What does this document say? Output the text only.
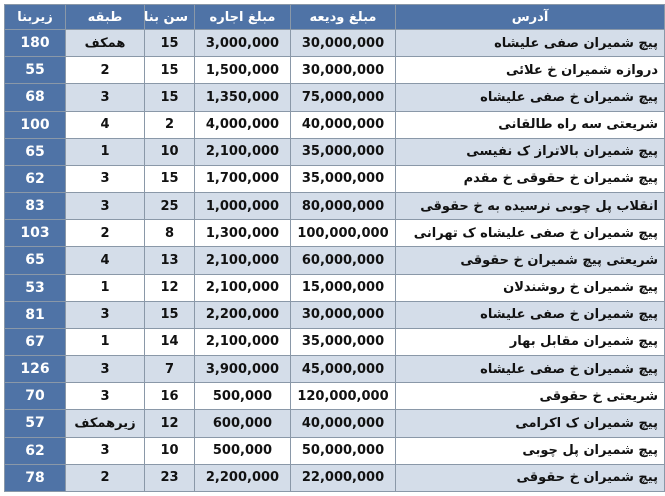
آدرس	مبلغ ودیعه	مبلغ اجاره	سن بنا	طبقه	زیربنا
پیچ شمیران صفی علیشاه	30,000,000	3,000,000	15	همکف	180
دروازه شمیران خ علائی	30,000,000	1,500,000	15	2	55
پیچ شمیران خ صفی علیشاه	75,000,000	1,350,000	15	3	68
شریعتی سه راه طالقانی	40,000,000	4,000,000	2	4	100
پیچ شمیران بالاتراز ک نفیسی	35,000,000	2,100,000	10	1	65
پیچ شمیران خ حقوقی خ مقدم	35,000,000	1,700,000	15	3	62
انقلاب پل چوبی نرسیده به خ حقوقی	80,000,000	1,000,000	25	3	83
پیچ شمیران خ صفی علیشاه ک تهرانی	100,000,000	1,300,000	8	2	103
شریعتی پیچ شمیران خ حقوقی	60,000,000	2,100,000	13	4	65
پیچ شمیران خ روشندلان	15,000,000	2,100,000	12	1	53
پیچ شمیران خ صفی علیشاه	30,000,000	2,200,000	15	3	81
پیچ شمیران مقابل بهار	35,000,000	2,100,000	14	1	67
پیچ شمیران خ صفی علیشاه	45,000,000	3,900,000	7	3	126
شریعتی خ حقوقی	120,000,000	500,000	16	3	70
پیچ شمیران ک اکرامی	40,000,000	600,000	12	زیرهمکف	57
پیچ شمیران پل چوبی	50,000,000	500,000	10	3	62
پیچ شمیران خ حقوقی	22,000,000	2,200,000	23	2	78
